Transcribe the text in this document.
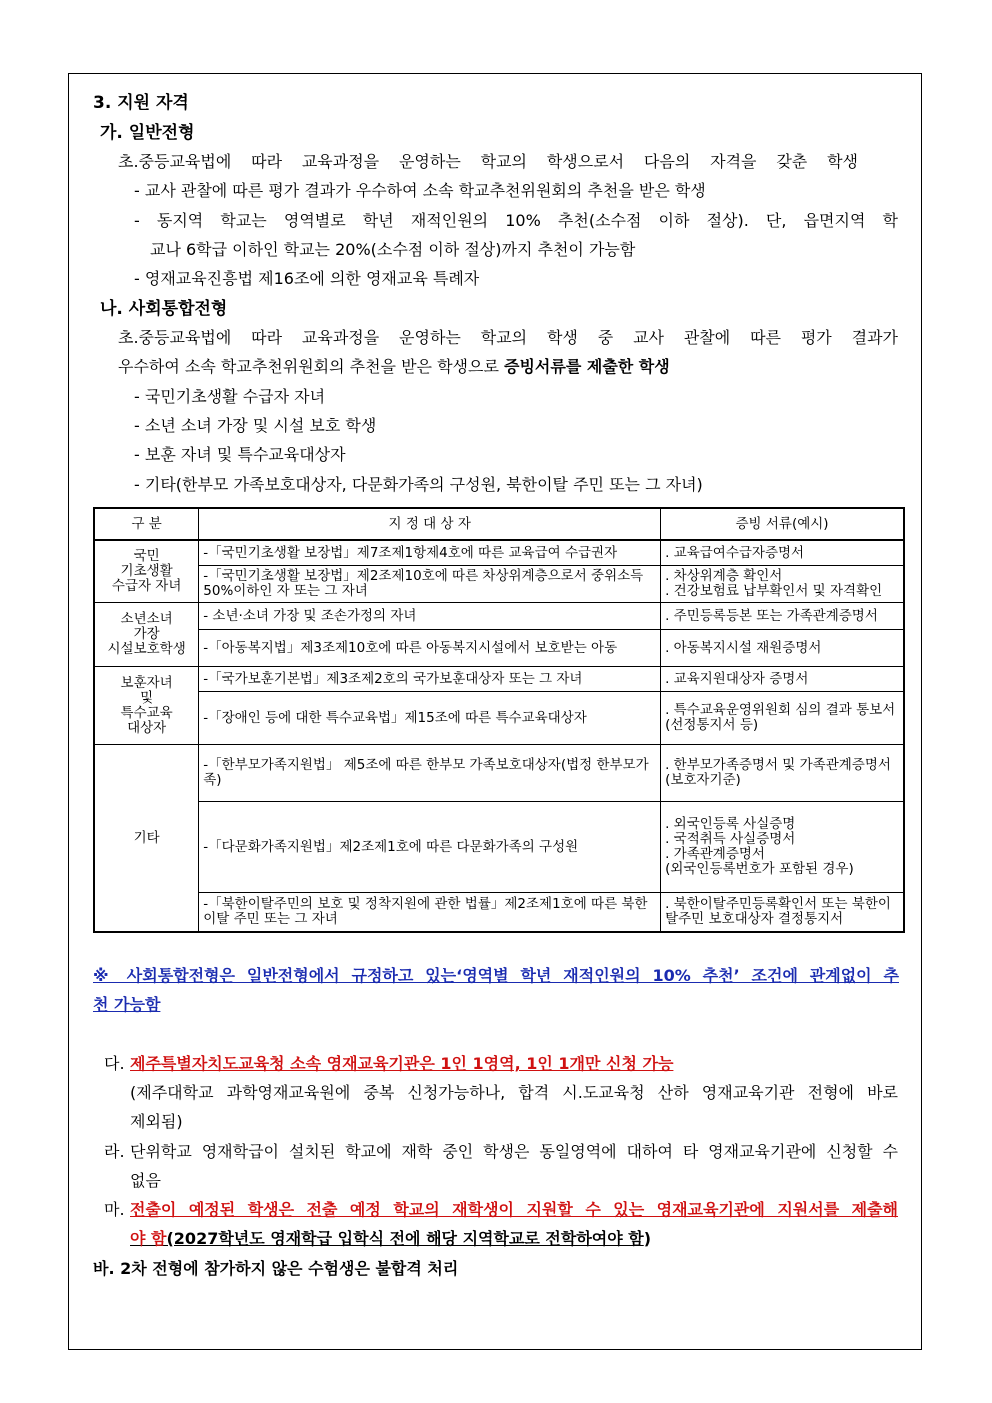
3. 지원 자격
가. 일반전형
초.중등교육법에 따라 교육과정을 운영하는 학교의 학생으로서 다음의 자격을 갖춘 학생
- 교사 관찰에 따른 평가 결과가 우수하여 소속 학교추천위원회의 추천을 받은 학생
- 동지역 학교는 영역별로 학년 재적인원의 10% 추천(소수점 이하 절상). 단, 읍면지역 학
교나 6학급 이하인 학교는 20%(소수점 이하 절상)까지 추천이 가능함
- 영재교육진흥법 제16조에 의한 영재교육 특례자
나. 사회통합전형
초.중등교육법에 따라 교육과정을 운영하는 학교의 학생 중 교사 관찰에 따른 평가 결과가
우수하여 소속 학교추천위원회의 추천을 받은 학생으로 증빙서류를 제출한 학생
- 국민기초생활 수급자 자녀
- 소년 소녀 가장 및 시설 보호 학생
- 보훈 자녀 및 특수교육대상자
- 기타(한부모 가족보호대상자, 다문화가족의 구성원, 북한이탈 주민 또는 그 자녀)
구 분	지 정 대 상 자	증빙 서류(예시)
국민
기초생활
수급자 자녀	-「국민기초생활 보장법」제7조제1항제4호에 따른 교육급여 수급권자	. 교육급여수급자증명서
	-「국민기초생활 보장법」제2조제10호에 따른 차상위계층으로서 중위소득 50%이하인 자 또는 그 자녀	. 차상위계층 확인서
. 건강보험료 납부확인서 및 자격확인
소년소녀
가장
시설보호학생	- 소년·소녀 가장 및 조손가정의 자녀	. 주민등록등본 또는 가족관계증명서
	-「아동복지법」제3조제10호에 따른 아동복지시설에서 보호받는 아동	. 아동복지시설 재원증명서
보훈자녀
및
특수교육
대상자	-「국가보훈기본법」제3조제2호의 국가보훈대상자 또는 그 자녀	. 교육지원대상자 증명서
	-「장애인 등에 대한 특수교육법」제15조에 따른 특수교육대상자	. 특수교육운영위원회 심의 결과 통보서
(선정통지서 등)
기타	-「한부모가족지원법」 제5조에 따른 한부모 가족보호대상자(법정 한부모가족)	. 한부모가족증명서 및 가족관계증명서
(보호자기준)
	-「다문화가족지원법」제2조제1호에 따른 다문화가족의 구성원	. 외국인등록 사실증명
. 국적취득 사실증명서
. 가족관계증명서
(외국인등록번호가 포함된 경우)
	-「북한이탈주민의 보호 및 정착지원에 관한 법률」제2조제1호에 따른 북한이탈 주민 또는 그 자녀	. 북한이탈주민등록확인서 또는 북한이탈주민 보호대상자 결정통지서
※ 사회통합전형은 일반전형에서 규정하고 있는‘영역별 학년 재적인원의 10% 추천’ 조건에 관계없이 추
천 가능함
다. 제주특별자치도교육청 소속 영재교육기관은 1인 1영역, 1인 1개만 신청 가능
(제주대학교 과학영재교육원에 중복 신청가능하나, 합격 시.도교육청 산하 영재교육기관 전형에 바로
제외됨)
라. 단위학교 영재학급이 설치된 학교에 재학 중인 학생은 동일영역에 대하여 타 영재교육기관에 신청할 수
없음
마. 전출이 예정된 학생은 전출 예정 학교의 재학생이 지원할 수 있는 영재교육기관에 지원서를 제출해
야 함(2027학년도 영재학급 입학식 전에 해당 지역학교로 전학하여야 함)
바. 2차 전형에 참가하지 않은 수험생은 불합격 처리
